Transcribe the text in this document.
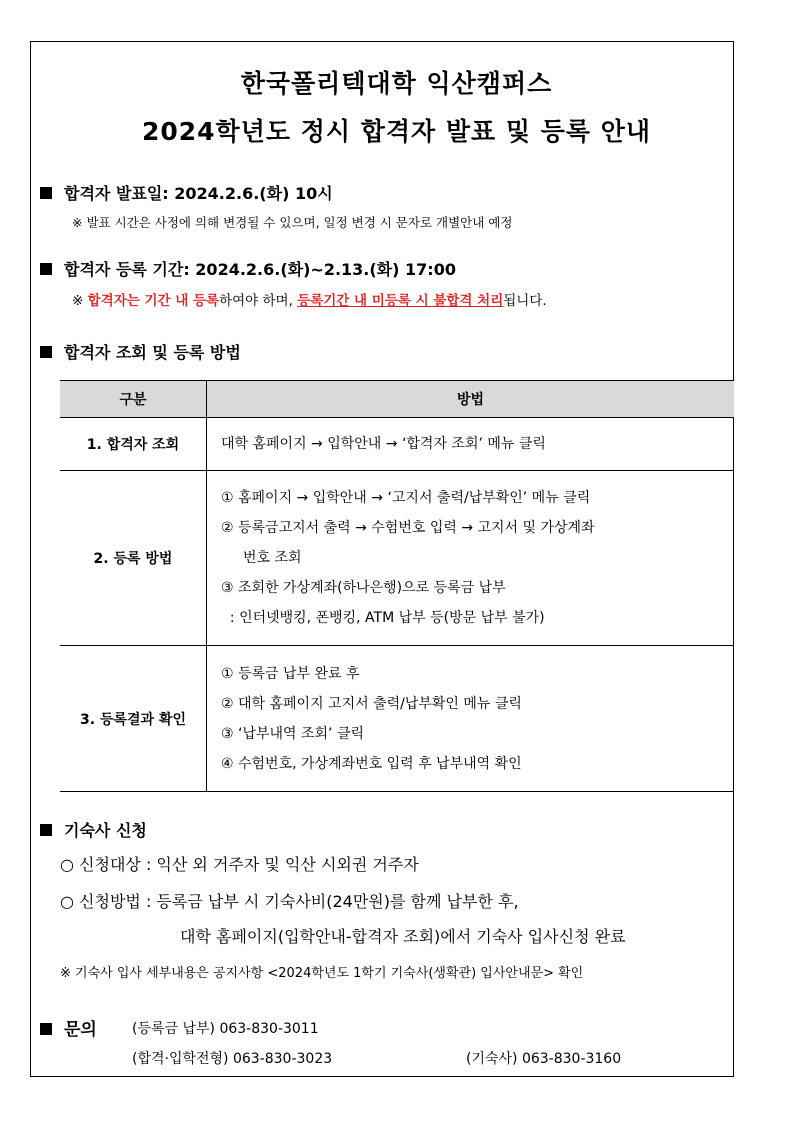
한국폴리텍대학 익산캠퍼스
2024학년도 정시 합격자 발표 및 등록 안내
합격자 발표일: 2024.2.6.(화) 10시
※ 발표 시간은 사정에 의해 변경될 수 있으며, 일정 변경 시 문자로 개별안내 예정
합격자 등록 기간: 2024.2.6.(화)~2.13.(화) 17:00
※ 합격자는 기간 내 등록하여야 하며, 등록기간 내 미등록 시 불합격 처리됩니다.
합격자 조회 및 등록 방법
구분	방법
1. 합격자 조회	대학 홈페이지 → 입학안내 → ‘합격자 조회’ 메뉴 클릭

2. 등록 방법	① 홈페이지 → 입학안내 → ‘고지서 출력/납부확인’ 메뉴 클릭
② 등록금고지서 출력 → 수험번호 입력 → 고지서 및 가상계좌
번호 조회
③ 조회한 가상계좌(하나은행)으로 등록금 납부
: 인터넷뱅킹, 폰뱅킹, ATM 납부 등(방문 납부 불가)

3. 등록결과 확인	① 등록금 납부 완료 후
② 대학 홈페이지 고지서 출력/납부확인 메뉴 클릭
③ ‘납부내역 조회’ 클릭
④ 수험번호, 가상계좌번호 입력 후 납부내역 확인
기숙사 신청
○ 신청대상 : 익산 외 거주자 및 익산 시외권 거주자
○ 신청방법 : 등록금 납부 시 기숙사비(24만원)를 함께 납부한 후,
대학 홈페이지(입학안내-합격자 조회)에서 기숙사 입사신청 완료
※ 기숙사 입사 세부내용은 공지사항 <2024학년도 1학기 기숙사(생확관) 입사안내문> 확인
문의	(등록금 납부) 063-830-3011
(합격·입학전형) 063-830-3023	(기숙사) 063-830-3160
